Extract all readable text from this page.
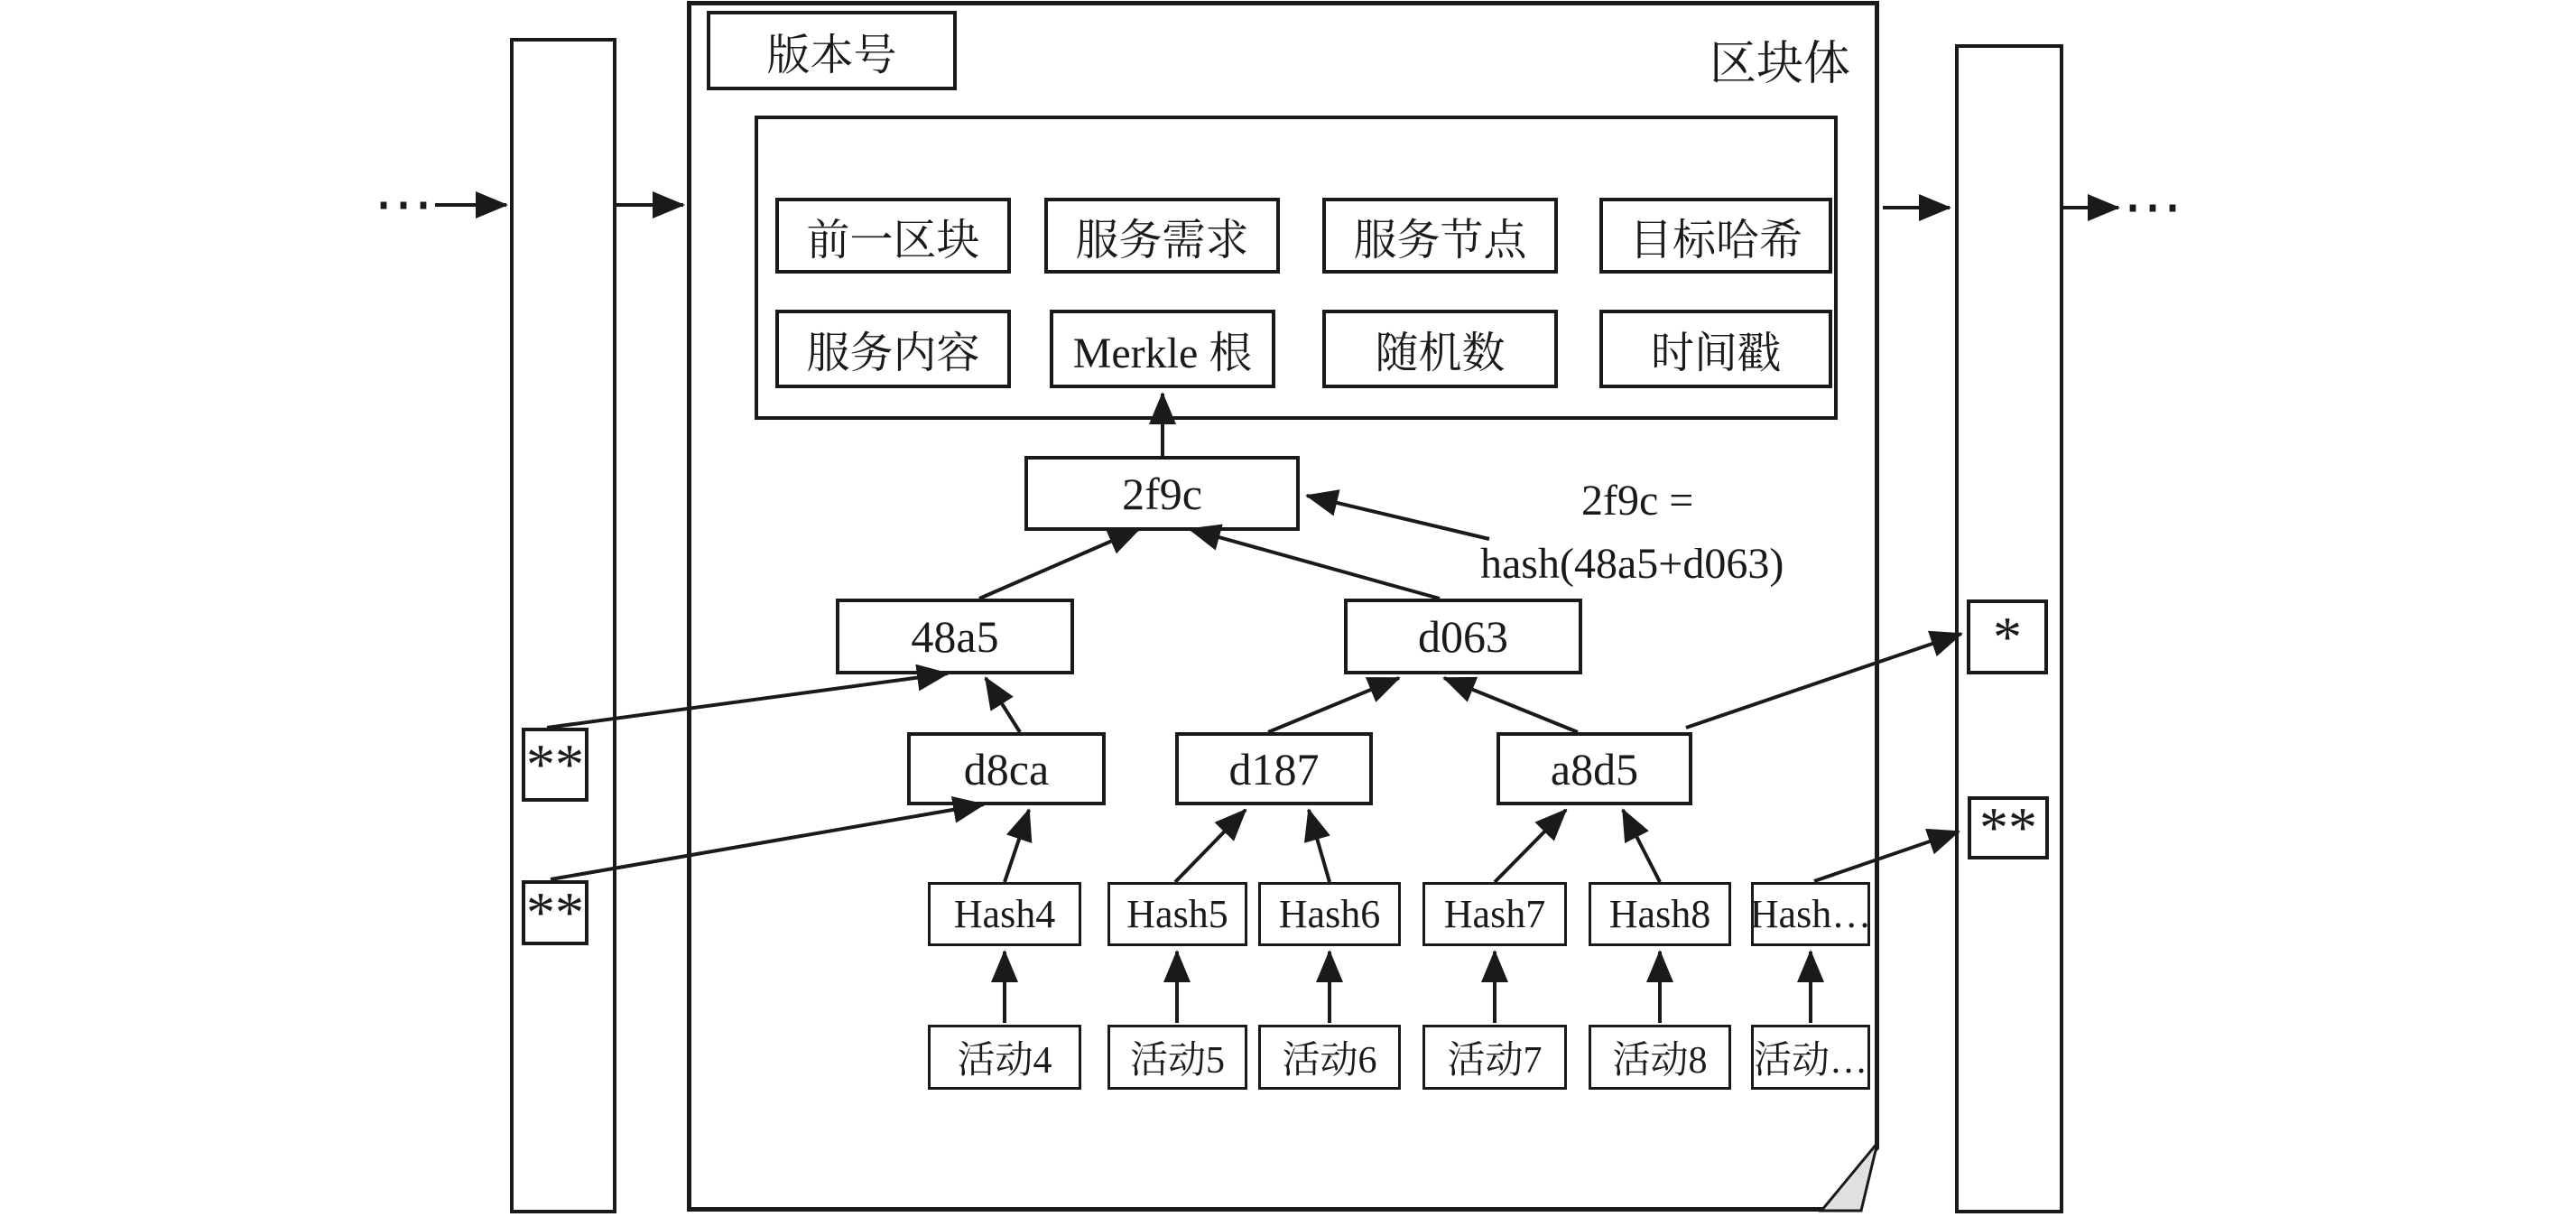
⋯	⋯
区块体
版本号
前一区块	服务需求	服务节点	目标哈希
服务内容	Merkle 根	随机数	时间戳
2f9c
48a5	d063
d8ca	d187	a8d5
Hash4	Hash5	Hash6	Hash7	Hash8 Hash…
活动4	活动5	活动6	活动7	活动8	活动…
**
**
*
**
2f9c =
hash(48a5+d063)
